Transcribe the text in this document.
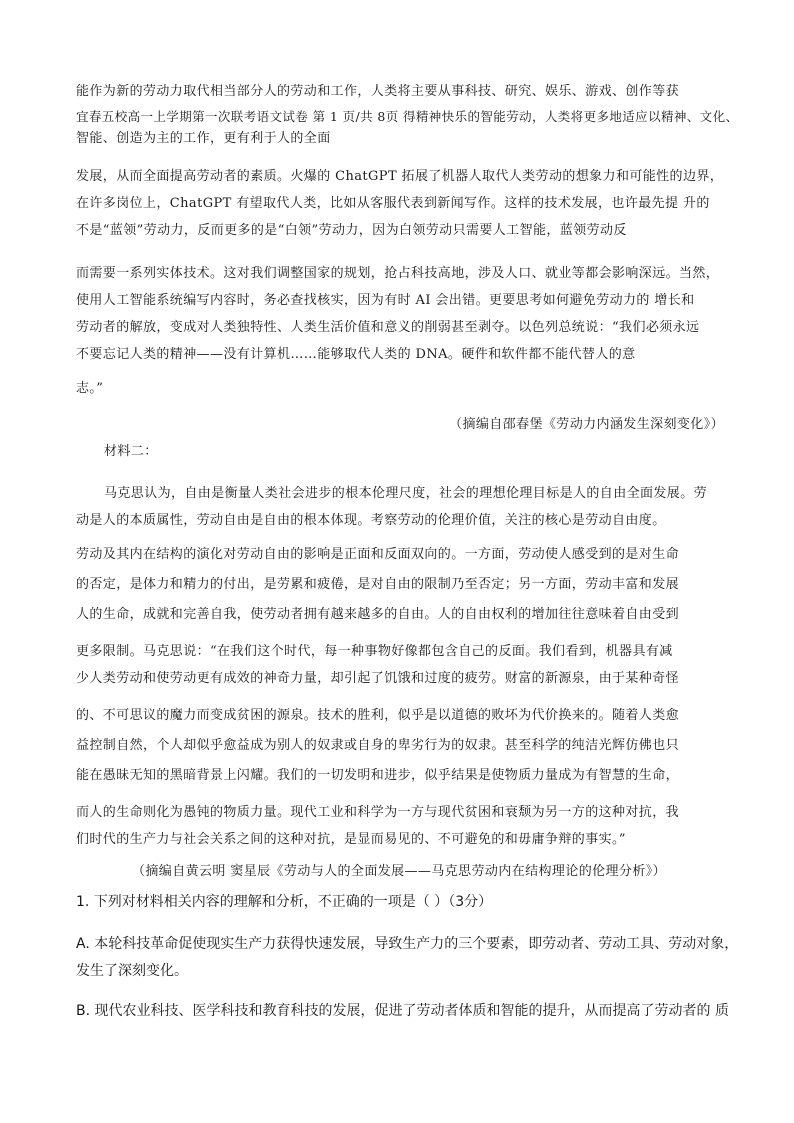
能作为新的劳动力取代相当部分人的劳动和工作，人类将主要从事科技、研究、娱乐、游戏、创作等获
宜春五校高一上学期第一次联考语文试卷 第 1 页/共 8页 得精神快乐的智能劳动，人类将更多地适应以精神、文化、
智能、创造为主的工作，更有利于人的全面
发展，从而全面提高劳动者的素质。火爆的 ChatGPT 拓展了机器人取代人类劳动的想象力和可能性的边界，
在许多岗位上，ChatGPT 有望取代人类，比如从客服代表到新闻写作。这样的技术发展，也许最先提 升的
不是“蓝领”劳动力，反而更多的是“白领”劳动力，因为白领劳动只需要人工智能，蓝领劳动反
而需要一系列实体技术。这对我们调整国家的规划，抢占科技高地，涉及人口、就业等都会影响深远。当然，
使用人工智能系统编写内容时，务必查找核实，因为有时 AI 会出错。更要思考如何避免劳动力的 增长和
劳动者的解放，变成对人类独特性、人类生活价值和意义的削弱甚至剥夺。以色列总统说：“我们必须永远
不要忘记人类的精神——没有计算机……能够取代人类的 DNA。硬件和软件都不能代替人的意
志。”
（摘编自邵春堡《劳动力内涵发生深刻变化》）
材料二：
马克思认为，自由是衡量人类社会进步的根本伦理尺度，社会的理想伦理目标是人的自由全面发展。劳
动是人的本质属性，劳动自由是自由的根本体现。考察劳动的伦理价值，关注的核心是劳动自由度。
劳动及其内在结构的演化对劳动自由的影响是正面和反面双向的。一方面，劳动使人感受到的是对生命
的否定，是体力和精力的付出，是劳累和疲倦，是对自由的限制乃至否定；另一方面，劳动丰富和发展
人的生命，成就和完善自我，使劳动者拥有越来越多的自由。人的自由权利的增加往往意味着自由受到
更多限制。马克思说：“在我们这个时代，每一种事物好像都包含自己的反面。我们看到，机器具有减
少人类劳动和使劳动更有成效的神奇力量，却引起了饥饿和过度的疲劳。财富的新源泉，由于某种奇怪
的、不可思议的魔力而变成贫困的源泉。技术的胜利，似乎是以道德的败坏为代价换来的。随着人类愈
益控制自然，个人却似乎愈益成为别人的奴隶或自身的卑劣行为的奴隶。甚至科学的纯洁光辉仿佛也只
能在愚昧无知的黑暗背景上闪耀。我们的一切发明和进步，似乎结果是使物质力量成为有智慧的生命，
而人的生命则化为愚钝的物质力量。现代工业和科学为一方与现代贫困和衰颓为另一方的这种对抗，我
们时代的生产力与社会关系之间的这种对抗，是显而易见的、不可避免的和毋庸争辩的事实。”
（摘编自黄云明 窦星辰《劳动与人的全面发展——马克思劳动内在结构理论的伦理分析》）
1. 下列对材料相关内容的理解和分析，不正确的一项是（ ）（3分）
A. 本轮科技革命促使现实生产力获得快速发展，导致生产力的三个要素，即劳动者、劳动工具、劳动对象，
发生了深刻变化。
B. 现代农业科技、医学科技和教育科技的发展，促进了劳动者体质和智能的提升，从而提高了劳动者的 质
